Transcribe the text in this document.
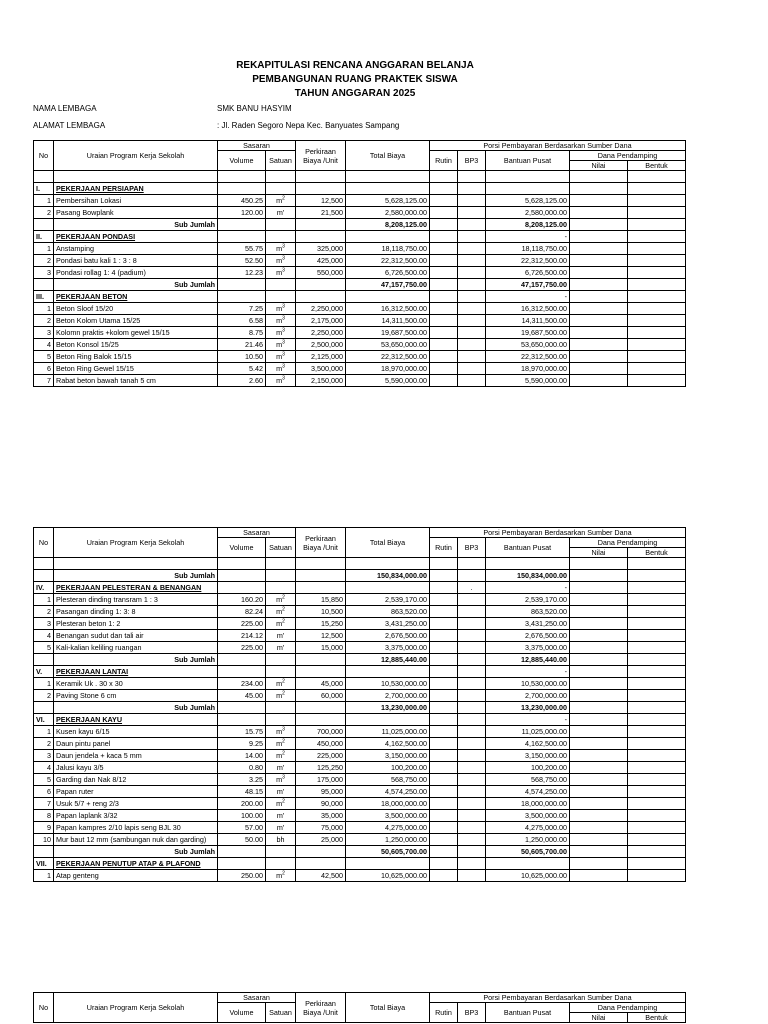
REKAPITULASI RENCANA ANGGARAN BELANJA
PEMBANGUNAN RUANG PRAKTEK SISWA
TAHUN ANGGARAN 2025
NAMA LEMBAGA	SMK BANU HASYIM
ALAMAT LEMBAGA	: Jl. Raden Segoro Nepa Kec. Banyuates Sampang
No	Uraian Program Kerja Sekolah	Sasaran		Perkiraan
Biaya /Unit	Total Biaya	Porsi Pembayaran Berdasarkan Sumber Dana				
		Volume	Satuan			Rutin	BP3	Bantuan Pusat	Dana Pendamping	
									Nilai	Bentuk

I.	PEKERJAAN PERSIAPAN									
1	Pembersihan Lokasi	450.25	$m^2$	12,500	5,628,125.00			5,628,125.00		
2	Pasang Bowplank	120.00	m'	21,500	2,580,000.00			2,580,000.00		
	Sub Jumlah				8,208,125.00			8,208,125.00		
II.	PEKERJAAN PONDASI							-		
1	Anstamping	55.75	$m^3$	325,000	18,118,750.00			18,118,750.00		
2	Pondasi batu kali 1 : 3 : 8	52.50	$m^3$	425,000	22,312,500.00			22,312,500.00		
3	Pondasi rollag 1: 4 (padium)	12.23	$m^3$	550,000	6,726,500.00			6,726,500.00		
	Sub Jumlah				47,157,750.00			47,157,750.00		
III.	PEKERJAAN BETON							-		
1	Beton Sloof 15/20	7.25	$m^3$	2,250,000	16,312,500.00			16,312,500.00		
2	Beton Kolom Utama 15/25	6.58	$m^3$	2,175,000	14,311,500.00			14,311,500.00		
3	Kolomn praktis +kolom gewel 15/15	8.75	$m^3$	2,250,000	19,687,500.00			19,687,500.00		
4	Beton Konsol 15/25	21.46	$m^3$	2,500,000	53,650,000.00			53,650,000.00		
5	Beton Ring Balok 15/15	10.50	$m^3$	2,125,000	22,312,500.00			22,312,500.00		
6	Beton Ring Gewel 15/15	5.42	$m^3$	3,500,000	18,970,000.00			18,970,000.00		
7	Rabat beton bawah tanah 5 cm	2.60	$m^3$	2,150,000	5,590,000.00			5,590,000.00		
No	Uraian Program Kerja Sekolah	Sasaran		Perkiraan
Biaya /Unit	Total Biaya	Porsi Pembayaran Berdasarkan Sumber Dana				
		Volume	Satuan			Rutin	BP3	Bantuan Pusat	Dana Pendamping	
									Nilai	Bentuk

	Sub Jumlah				150,834,000.00			150,834,000.00		
IV.	PEKERJAAN PELESTERAN & BENANGAN						.	-		
1	Plesteran dinding transram 1 : 3	160.20	$m^2$	15,850	2,539,170.00			2,539,170.00		
2	Pasangan dinding 1: 3: 8	82.24	$m^2$	10,500	863,520.00			863,520.00		
3	Plesteran beton 1: 2	225.00	$m^2$	15,250	3,431,250.00			3,431,250.00		
4	Benangan sudut dan tali air	214.12	m'	12,500	2,676,500.00			2,676,500.00		
5	Kali-kalian keliling ruangan	225.00	m'	15,000	3,375,000.00			3,375,000.00		
	Sub Jumlah				12,885,440.00			12,885,440.00		
V.	PEKERJAAN LANTAI							-		
1	Keramik Uk . 30 x 30	234.00	$m^2$	45,000	10,530,000.00			10,530,000.00		
2	Paving Stone 6 cm	45.00	$m^2$	60,000	2,700,000.00			2,700,000.00		
	Sub Jumlah				13,230,000.00			13,230,000.00		
VI.	PEKERJAAN KAYU							-		
1	Kusen kayu 6/15	15.75	$m^3$	700,000	11,025,000.00			11,025,000.00		
2	Daun pintu panel	9.25	$m^2$	450,000	4,162,500.00			4,162,500.00		
3	Daun jendela + kaca 5 mm	14.00	$m^2$	225,000	3,150,000.00			3,150,000.00		
4	Jalusi kayu 3/5	0.80	m'	125,250	100,200.00			100,200.00		
5	Garding dan Nak 8/12	3.25	$m^3$	175,000	568,750.00			568,750.00		
6	Papan ruter	48.15	m'	95,000	4,574,250.00			4,574,250.00		
7	Usuk 5/7 + reng 2/3	200.00	$m^2$	90,000	18,000,000.00			18,000,000.00		
8	Papan laplank 3/32	100.00	m'	35,000	3,500,000.00			3,500,000.00		
9	Papan kampres 2/10 lapis seng BJL 30	57.00	m'	75,000	4,275,000.00			4,275,000.00		
10	Mur baut 12 mm (sambungan nuk dan garding)	50.00	bh	25,000	1,250,000.00			1,250,000.00		
	Sub Jumlah				50,605,700.00			50,605,700.00		
VII.	PEKERJAAN PENUTUP ATAP & PLAFOND									
1	Atap genteng	250.00	$m^2$	42,500	10,625,000.00			10,625,000.00		
No	Uraian Program Kerja Sekolah	Sasaran		Perkiraan
Biaya /Unit	Total Biaya	Porsi Pembayaran Berdasarkan Sumber Dana				
		Volume	Satuan			Rutin	BP3	Bantuan Pusat	Dana Pendamping	
									Nilai	Bentuk
